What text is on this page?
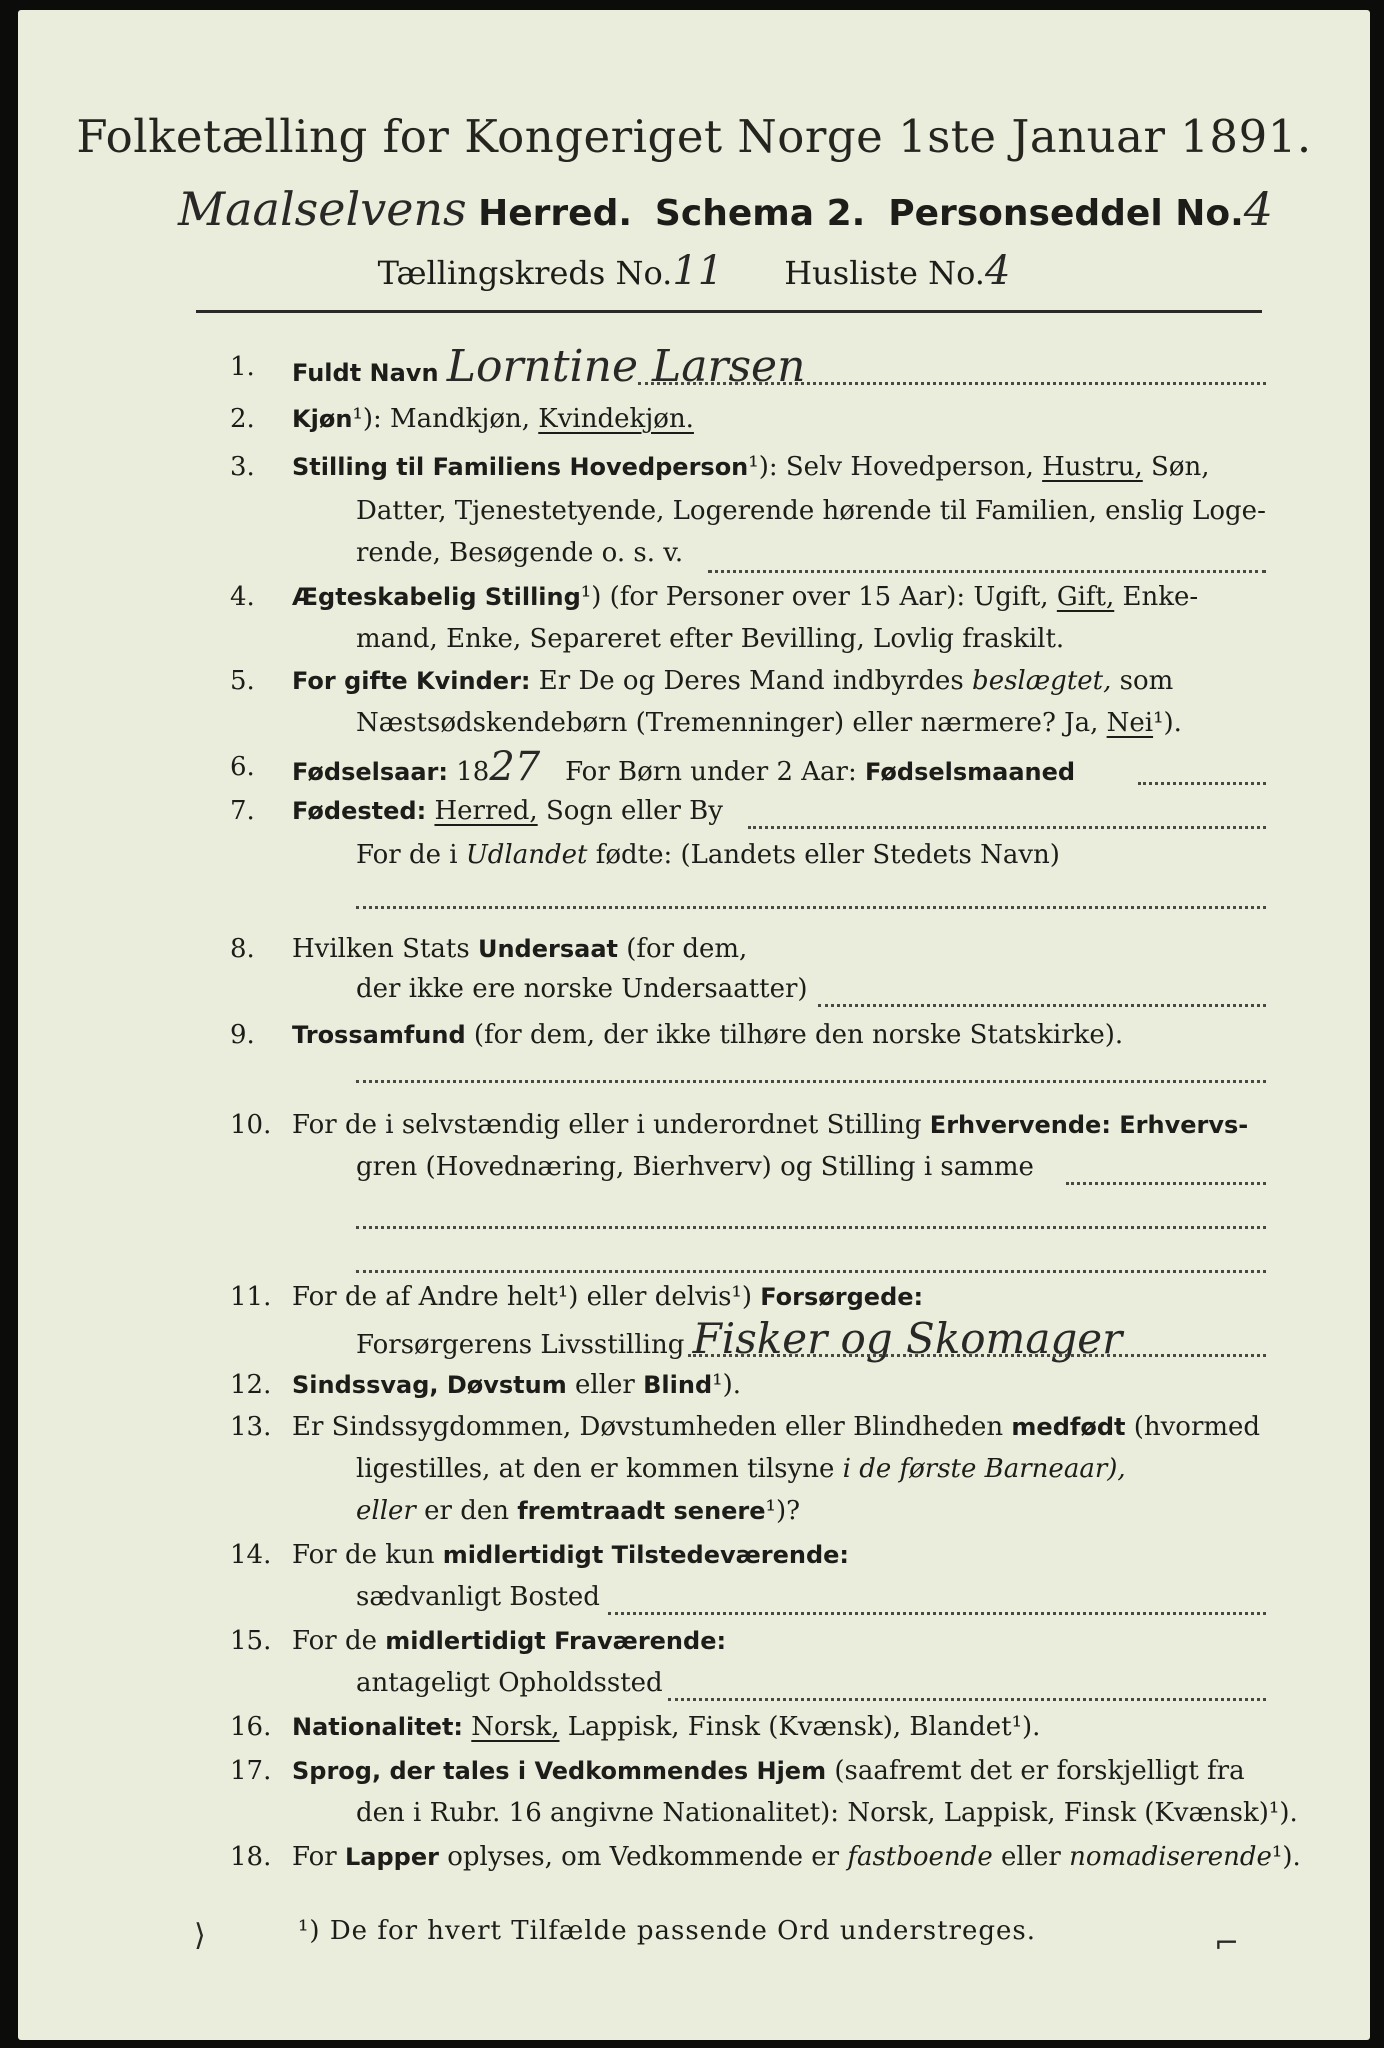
Folketælling for Kongeriget Norge 1ste Januar 1891.
Maalselvens Herred. Schema 2. Personseddel No.4
Tællingskreds No.11 Husliste No.4
1.	Fuldt Navn Lorntine Larsen
2.	Kjøn¹): Mandkjøn, Kvindekjøn.
3.	Stilling til Familiens Hovedperson¹): Selv Hovedperson, Hustru, Søn,
Datter, Tjenestetyende, Logerende hørende til Familien, enslig Loge-
rende, Besøgende o. s. v.
4.	Ægteskabelig Stilling¹) (for Personer over 15 Aar): Ugift, Gift, Enke-
mand, Enke, Separeret efter Bevilling, Lovlig fraskilt.
5.	For gifte Kvinder: Er De og Deres Mand indbyrdes beslægtet, som
Næstsødskendebørn (Tremenninger) eller nærmere? Ja, Nei¹).
6.	Fødselsaar: 1827 For Børn under 2 Aar: Fødselsmaaned
7.	Fødested: Herred, Sogn eller By
For de i Udlandet fødte: (Landets eller Stedets Navn)
8.	Hvilken Stats Undersaat (for dem,
der ikke ere norske Undersaatter)
9.	Trossamfund (for dem, der ikke tilhøre den norske Statskirke).
10. For de i selvstændig eller i underordnet Stilling Erhvervende: Erhvervs-
gren (Hovednæring, Bierhverv) og Stilling i samme
11. For de af Andre helt¹) eller delvis¹) Forsørgede:
Forsørgerens Livsstilling Fisker og Skomager
12. Sindssvag, Døvstum eller Blind¹).
13. Er Sindssygdommen, Døvstumheden eller Blindheden medfødt (hvormed
ligestilles, at den er kommen tilsyne i de første Barneaar),
eller er den fremtraadt senere¹)?
14. For de kun midlertidigt Tilstedeværende:
sædvanligt Bosted
15. For de midlertidigt Fraværende:
antageligt Opholdssted
16. Nationalitet: Norsk, Lappisk, Finsk (Kvænsk), Blandet¹).
17. Sprog, der tales i Vedkommendes Hjem (saafremt det er forskjelligt fra
den i Rubr. 16 angivne Nationalitet): Norsk, Lappisk, Finsk (Kvænsk)¹).
18. For Lapper oplyses, om Vedkommende er fastboende eller nomadiserende¹).
¹) De for hvert Tilfælde passende Ord understreges.
⟩	⌐
